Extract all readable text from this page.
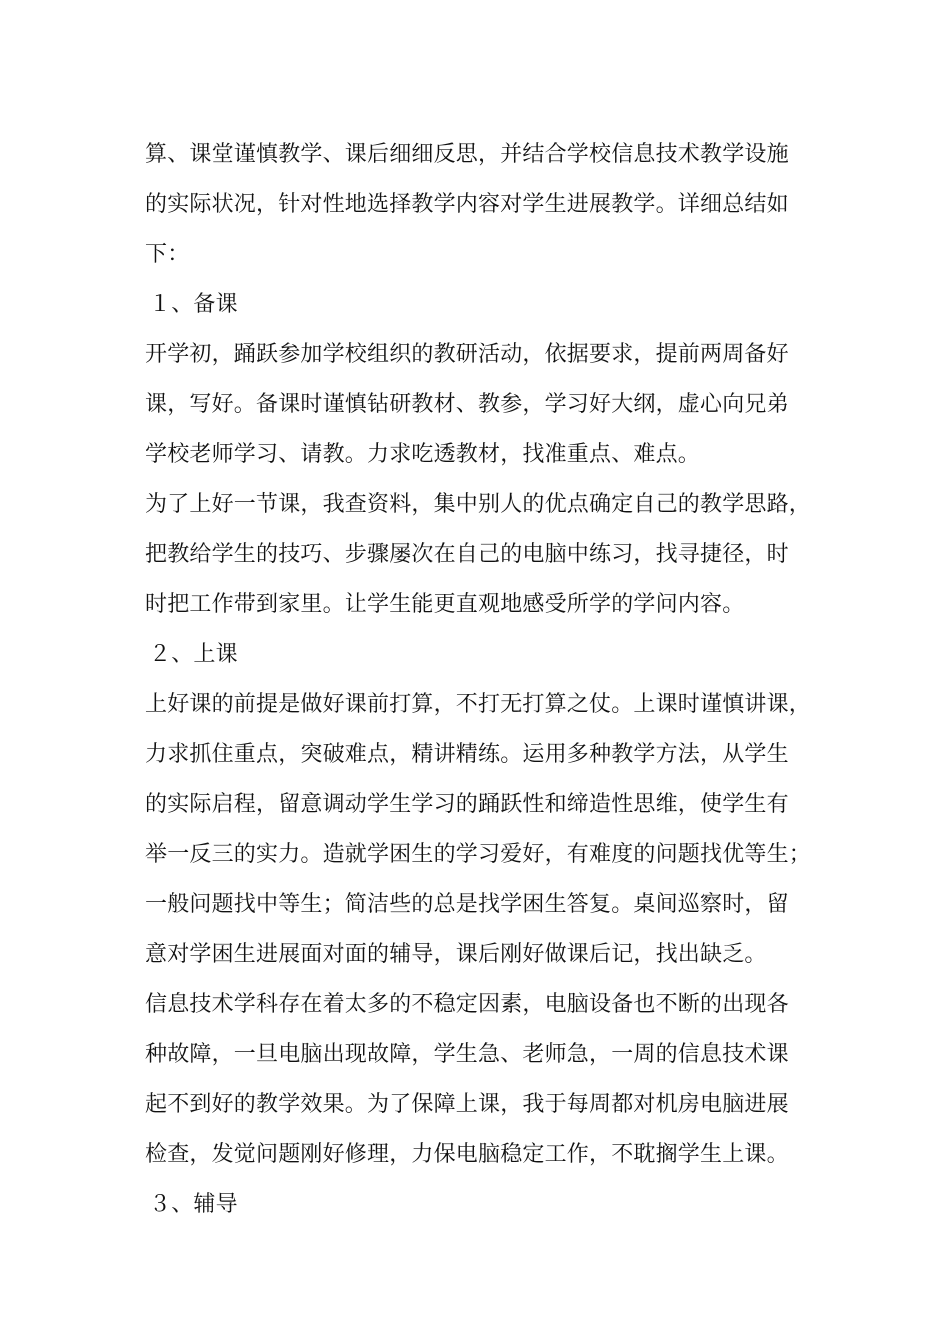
算、课堂谨慎教学、课后细细反思，并结合学校信息技术教学设施
的实际状况，针对性地选择教学内容对学生进展教学。详细总结如
下：
１、备课
开学初，踊跃参加学校组织的教研活动，依据要求，提前两周备好
课，写好。备课时谨慎钻研教材、教参，学习好大纲，虚心向兄弟
学校老师学习、请教。力求吃透教材，找准重点、难点。
为了上好一节课，我查资料，集中别人的优点确定自己的教学思路，
把教给学生的技巧、步骤屡次在自己的电脑中练习，找寻捷径，时
时把工作带到家里。让学生能更直观地感受所学的学问内容。
２、上课
上好课的前提是做好课前打算，不打无打算之仗。上课时谨慎讲课，
力求抓住重点，突破难点，精讲精练。运用多种教学方法，从学生
的实际启程，留意调动学生学习的踊跃性和缔造性思维，使学生有
举一反三的实力。造就学困生的学习爱好，有难度的问题找优等生；
一般问题找中等生；简洁些的总是找学困生答复。桌间巡察时，留
意对学困生进展面对面的辅导，课后刚好做课后记，找出缺乏。
信息技术学科存在着太多的不稳定因素，电脑设备也不断的出现各
种故障，一旦电脑出现故障，学生急、老师急，一周的信息技术课
起不到好的教学效果。为了保障上课，我于每周都对机房电脑进展
检查，发觉问题刚好修理，力保电脑稳定工作，不耽搁学生上课。
３、辅导
